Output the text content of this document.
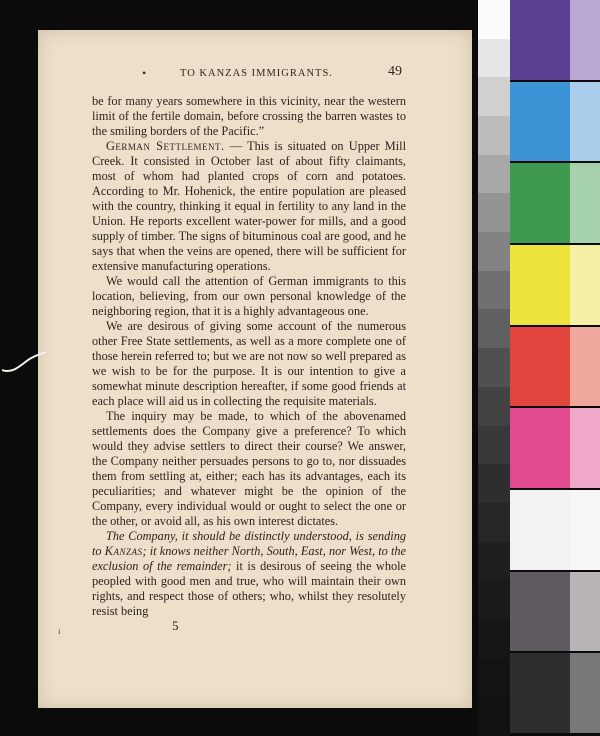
•	TO KANZAS IMMIGRANTS.	49

be for many years somewhere in this vicinity, near the western limit of the fertile domain, before crossing the barren wastes to the smiling borders of the Pacific.”

German Settlement. — This is situated on Upper Mill Creek. It consisted in October last of about fifty claimants, most of whom had planted crops of corn and potatoes. According to Mr. Hohenick, the entire population are pleased with the country, thinking it equal in fertility to any land in the Union. He reports excellent water-power for mills, and a good supply of timber. The signs of bituminous coal are good, and he says that when the veins are opened, there will be sufficient for extensive manufacturing operations.

We would call the attention of German immigrants to this location, believing, from our own personal knowledge of the neighboring region, that it is a highly advantageous one.

We are desirous of giving some account of the numerous other Free State settlements, as well as a more complete one of those herein referred to; but we are not now so well prepared as we wish to be for the purpose. It is our intention to give a somewhat minute description hereafter, if some good friends at each place will aid us in collecting the requisite materials.

The inquiry may be made, to which of the abovenamed settlements does the Company give a preference? To which would they advise settlers to direct their course? We answer, the Company neither persuades persons to go to, nor dissuades them from settling at, either; each has its advantages, each its peculiarities; and whatever might be the opinion of the Company, every individual would or ought to select the one or the other, or avoid all, as his own interest dictates.

The Company, it should be distinctly understood, is sending to Kanzas; it knows neither North, South, East, nor West, to the exclusion of the remainder; it is desirous of seeing the whole peopled with good men and true, who will maintain their own rights, and respect those of others; who, whilst they resolutely resist being

5
ı
